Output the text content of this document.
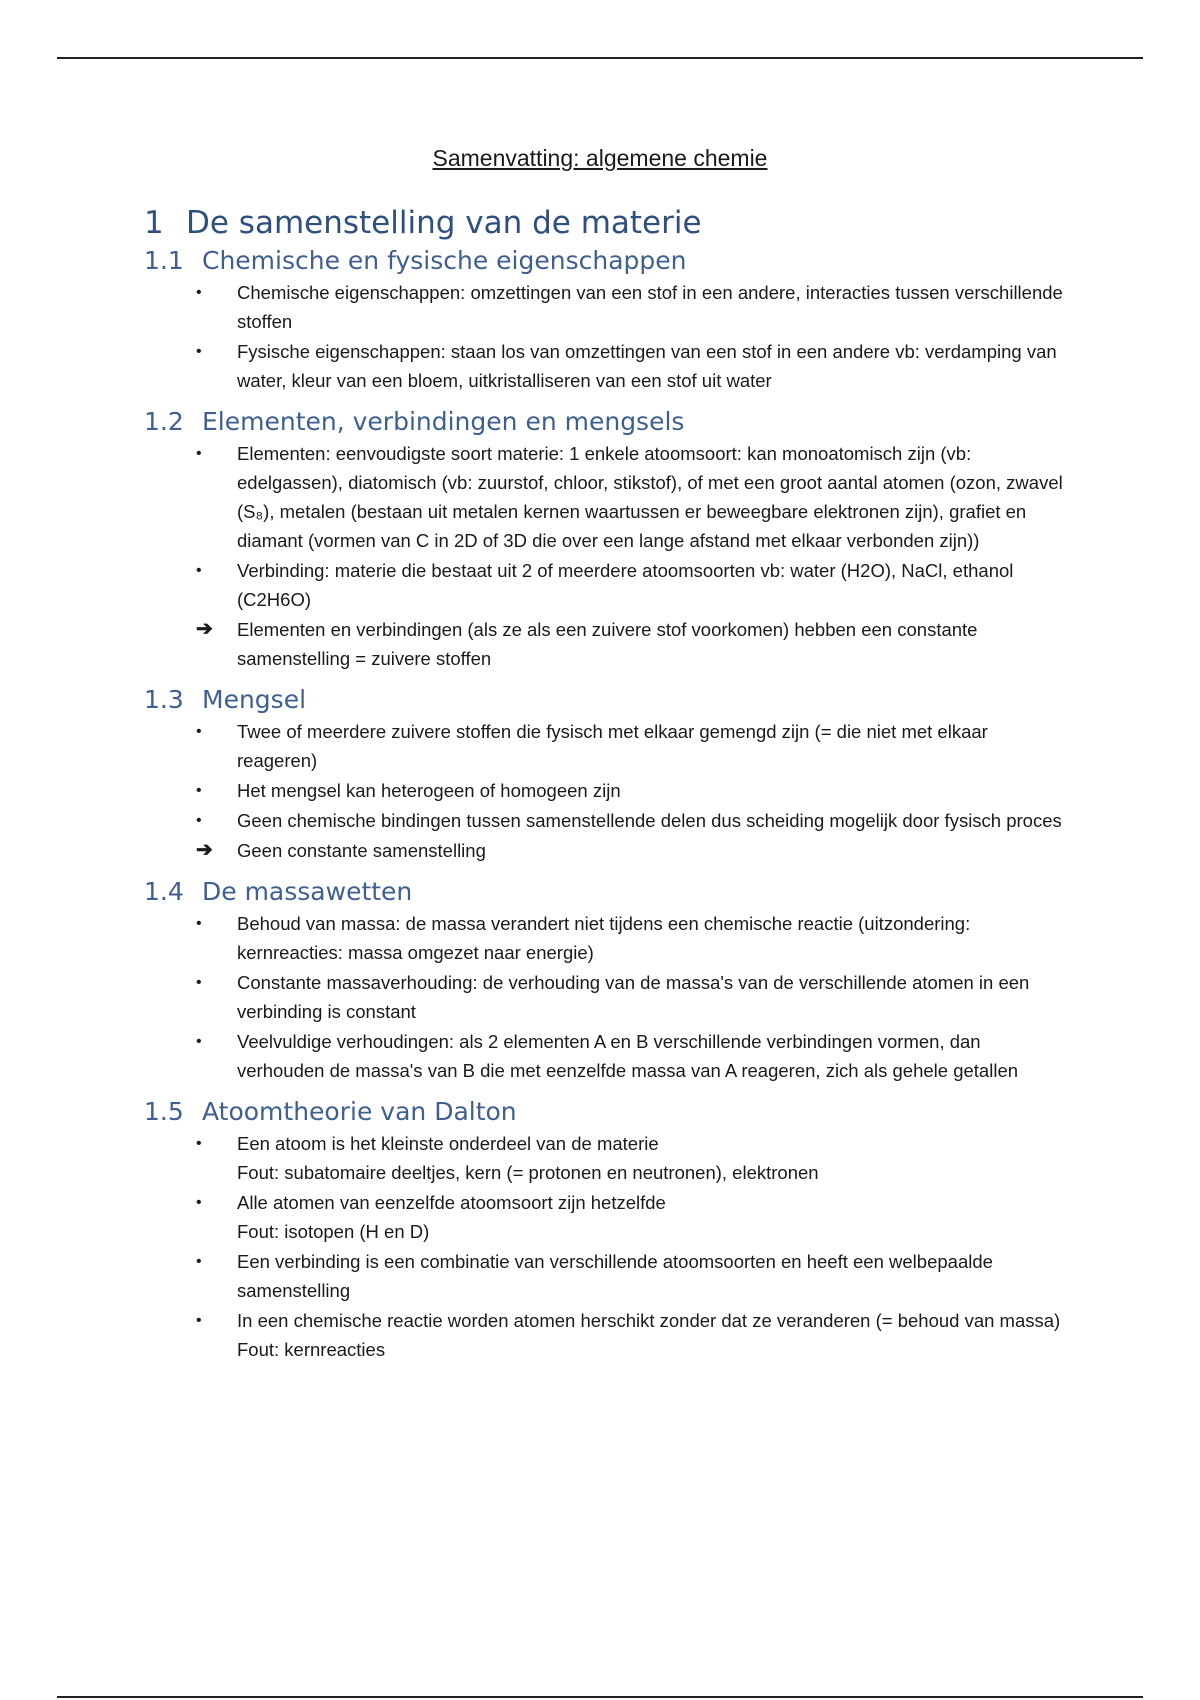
Samenvatting: algemene chemie
1 De samenstelling van de materie
1.1 Chemische en fysische eigenschappen
•	Chemische eigenschappen: omzettingen van een stof in een andere, interacties tussen verschillende stoffen
•	Fysische eigenschappen: staan los van omzettingen van een stof in een andere vb: verdamping van water, kleur van een bloem, uitkristalliseren van een stof uit water
1.2 Elementen, verbindingen en mengsels
•	Elementen: eenvoudigste soort materie: 1 enkele atoomsoort: kan monoatomisch zijn (vb: edelgassen), diatomisch (vb: zuurstof, chloor, stikstof), of met een groot aantal atomen (ozon, zwavel (S₈), metalen (bestaan uit metalen kernen waartussen er beweegbare elektronen zijn), grafiet en diamant (vormen van C in 2D of 3D die over een lange afstand met elkaar verbonden zijn))
•	Verbinding: materie die bestaat uit 2 of meerdere atoomsoorten vb: water (H2O), NaCl, ethanol (C2H6O)
➔	Elementen en verbindingen (als ze als een zuivere stof voorkomen) hebben een constante samenstelling = zuivere stoffen
1.3 Mengsel
•	Twee of meerdere zuivere stoffen die fysisch met elkaar gemengd zijn (= die niet met elkaar reageren)
•	Het mengsel kan heterogeen of homogeen zijn
•	Geen chemische bindingen tussen samenstellende delen dus scheiding mogelijk door fysisch proces
➔	Geen constante samenstelling
1.4 De massawetten
•	Behoud van massa: de massa verandert niet tijdens een chemische reactie (uitzondering: kernreacties: massa omgezet naar energie)
•	Constante massaverhouding: de verhouding van de massa's van de verschillende atomen in een verbinding is constant
•	Veelvuldige verhoudingen: als 2 elementen A en B verschillende verbindingen vormen, dan verhouden de massa's van B die met eenzelfde massa van A reageren, zich als gehele getallen
1.5 Atoomtheorie van Dalton
•	Een atoom is het kleinste onderdeel van de materie
Fout: subatomaire deeltjes, kern (= protonen en neutronen), elektronen
•	Alle atomen van eenzelfde atoomsoort zijn hetzelfde
Fout: isotopen (H en D)
•	Een verbinding is een combinatie van verschillende atoomsoorten en heeft een welbepaalde samenstelling
•	In een chemische reactie worden atomen herschikt zonder dat ze veranderen (= behoud van massa)
Fout: kernreacties
